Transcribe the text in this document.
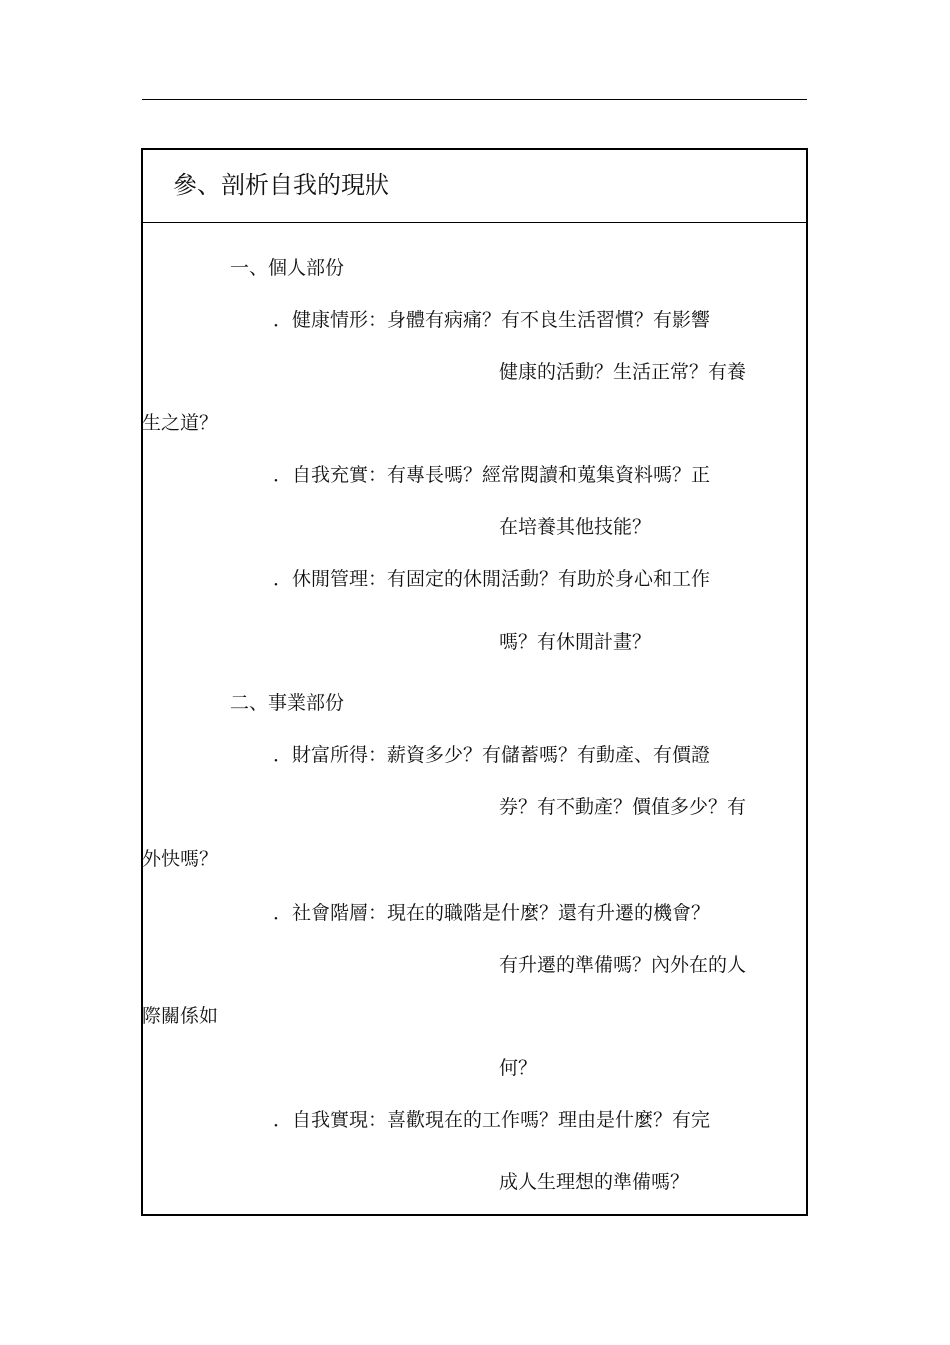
參、剖析自我的現狀
一、個人部份
．健康情形：身體有病痛？有不良生活習慣？有影響
健康的活動？生活正常？有養
生之道？
．自我充實：有專長嗎？經常閱讀和蒐集資料嗎？正
在培養其他技能？
．休閒管理：有固定的休閒活動？有助於身心和工作
嗎？有休閒計畫？
二、事業部份
．財富所得：薪資多少？有儲蓄嗎？有動產、有價證
券？有不動產？價值多少？有
外快嗎？
．社會階層：現在的職階是什麼？還有升遷的機會？
有升遷的準備嗎？內外在的人
際關係如
何？
．自我實現：喜歡現在的工作嗎？理由是什麼？有完
成人生理想的準備嗎？
